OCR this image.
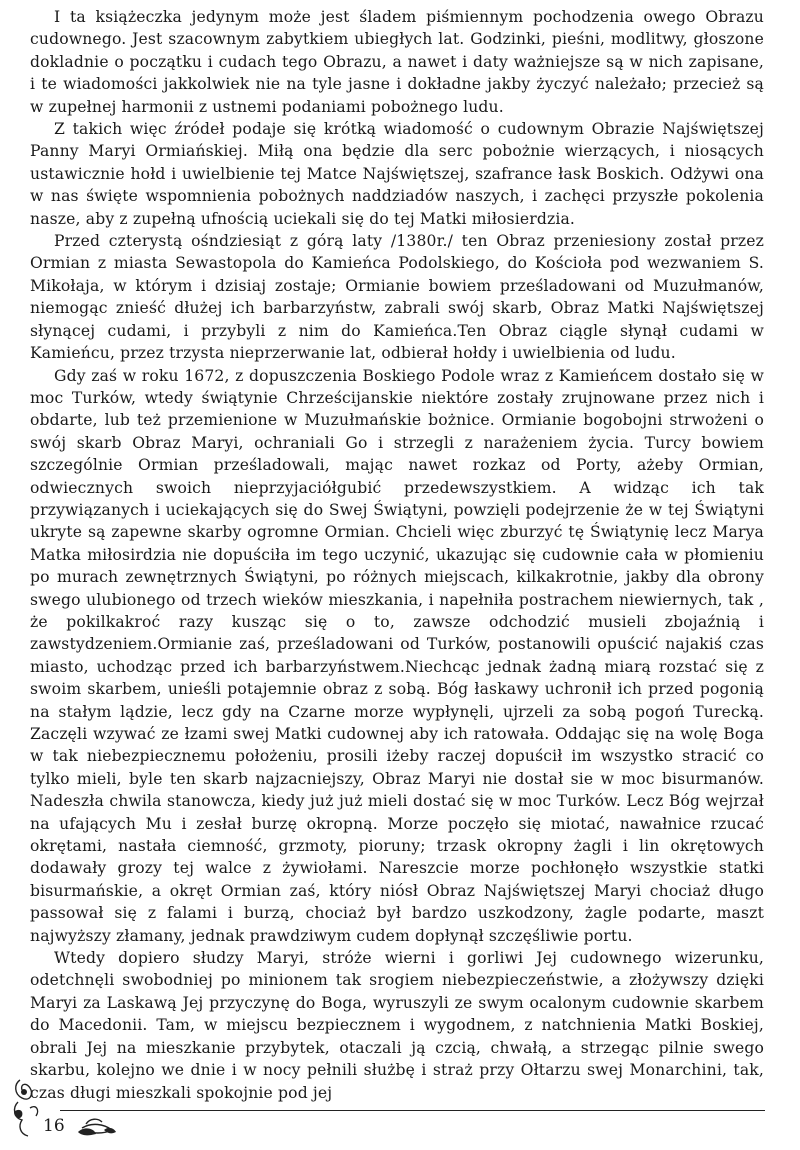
I ta książeczka jedynym może jest śladem piśmiennym pochodzenia owego Obrazu cudownego. Jest szacownym zabytkiem ubiegłych lat. Godzinki, pieśni, modlitwy, głoszone dokladnie o początku i cudach tego Obrazu, a nawet i daty ważniejsze są w nich zapisane, i te wiadomości jakkolwiek nie na tyle jasne i dokładne jakby życzyć należało; przecież są w zupełnej harmonii z ustnemi podaniami pobożnego ludu.

Z takich więc źródeł podaje się krótką wiadomość o cudownym Obrazie Najświętszej Panny Maryi Ormiańskiej. Miłą ona będzie dla serc pobożnie wierzących, i niosących ustawicznie hołd i uwielbienie tej Matce Najświętszej, szafrance łask Boskich. Odżywi ona w nas święte wspomnienia pobożnych naddziadów naszych, i zachęci przyszłe pokolenia nasze, aby z zupełną ufnością uciekali się do tej Matki miłosierdzia.

Przed czterystą ośndziesiąt z górą laty /1380r./ ten Obraz przeniesiony został przez Ormian z miasta Sewastopola do Kamieńca Podolskiego, do Kościoła pod wezwaniem S. Mikołaja, w którym i dzisiaj zostaje; Ormianie bowiem prześladowani od Muzułmanów, niemogąc znieść dłużej ich barbarzyństw, zabrali swój skarb, Obraz Matki Najświętszej słynącej cudami, i przybyli z nim do Kamieńca.Ten Obraz ciągle słynął cudami w Kamieńcu, przez trzysta nieprzerwanie lat, odbierał hołdy i uwielbienia od ludu.

Gdy zaś w roku 1672, z dopuszczenia Boskiego Podole wraz z Kamieńcem dostało się w moc Turków, wtedy świątynie Chrześcijanskie niektóre zostały zrujnowane przez nich i obdarte, lub też przemienione w Muzułmańskie bożnice. Ormianie bogobojni strwożeni o swój skarb Obraz Maryi, ochraniali Go i strzegli z narażeniem życia. Turcy bowiem szczególnie Ormian prześladowali, mając nawet rozkaz od Porty, ażeby Ormian, odwiecznych swoich nieprzyjaciółgubić przedewszystkiem. A widząc ich tak przywiązanych i uciekających się do Swej Świątyni, powzięli podejrzenie że w tej Świątyni ukryte są zapewne skarby ogromne Ormian. Chcieli więc zburzyć tę Świątynię lecz Marya Matka miłosirdzia nie dopuściła im tego uczynić, ukazując się cudownie cała w płomieniu po murach zewnętrznych Świątyni, po różnych miejscach, kilkakrotnie, jakby dla obrony swego ulubionego od trzech wieków mieszkania, i napełniła postrachem niewiernych, tak , że pokilkakroć razy kusząc się o to, zawsze odchodzić musieli zbojaźnią i zawstydzeniem.Ormianie zaś, prześladowani od Turków, postanowili opuścić najakiś czas miasto, uchodząc przed ich barbarzyństwem.Niechcąc jednak żadną miarą rozstać się z swoim skarbem, unieśli potajemnie obraz z sobą. Bóg łaskawy uchronił ich przed pogonią na stałym lądzie, lecz gdy na Czarne morze wypłynęli, ujrzeli za sobą pogoń Turecką. Zaczęli wzywać ze łzami swej Matki cudownej aby ich ratowała. Oddając się na wolę Boga w tak niebezpiecznemu położeniu, prosili iżeby raczej dopuścił im wszystko stracić co tylko mieli, byle ten skarb najzacniejszy, Obraz Maryi nie dostał sie w moc bisurmanów. Nadeszła chwila stanowcza, kiedy już już mieli dostać się w moc Turków. Lecz Bóg wejrzał na ufających Mu i zesłał burzę okropną. Morze poczęło się miotać, nawałnice rzucać okrętami, nastała ciemność, grzmoty, pioruny; trzask okropny żagli i lin okrętowych dodawały grozy tej walce z żywiołami. Nareszcie morze pochłonęło wszystkie statki bisurmańskie, a okręt Ormian zaś, który niósł Obraz Najświętszej Maryi chociaż długo passował się z falami i burzą, chociaż był bardzo uszkodzony, żagle podarte, maszt najwyższy złamany, jednak prawdziwym cudem dopłynął szczęśliwie portu.

Wtedy dopiero słudzy Maryi, stróże wierni i gorliwi Jej cudownego wizerunku, odetchnęli swobodniej po minionem tak srogiem niebezpieczeństwie, a złożywszy dzięki Maryi za Laskawą Jej przyczynę do Boga, wyruszyli ze swym ocalonym cudownie skarbem do Macedonii. Tam, w miejscu bezpiecznem i wygodnem, z natchnienia Matki Boskiej, obrali Jej na mieszkanie przybytek, otaczali ją czcią, chwałą, a strzegąc pilnie swego skarbu, kolejno we dnie i w nocy pełnili służbę i straż przy Ołtarzu swej Monarchini, tak, czas długi mieszkali spokojnie pod jej

16
